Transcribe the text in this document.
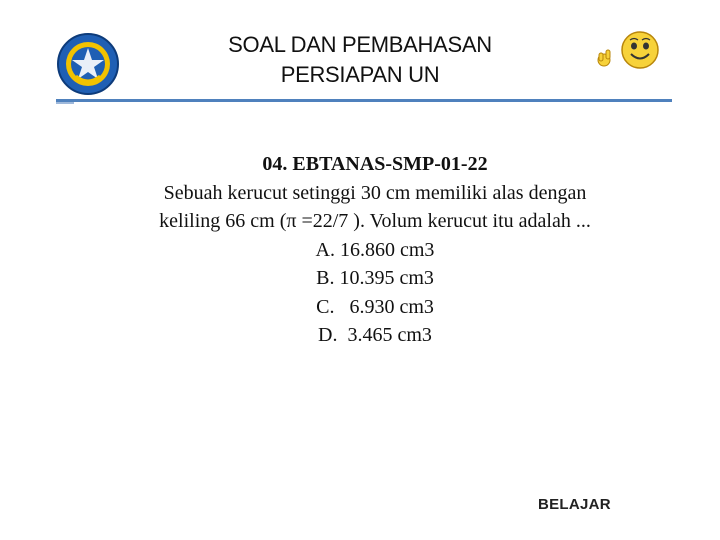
SOAL DAN PEMBAHASAN
PERSIAPAN UN
04. EBTANAS-SMP-01-22
Sebuah kerucut setinggi 30 cm memiliki alas dengan
keliling 66 cm (π =22/7 ). Volum kerucut itu adalah ...
A. 16.860 cm3
B. 10.395 cm3
C.   6.930 cm3
D.  3.465 cm3
BELAJAR
